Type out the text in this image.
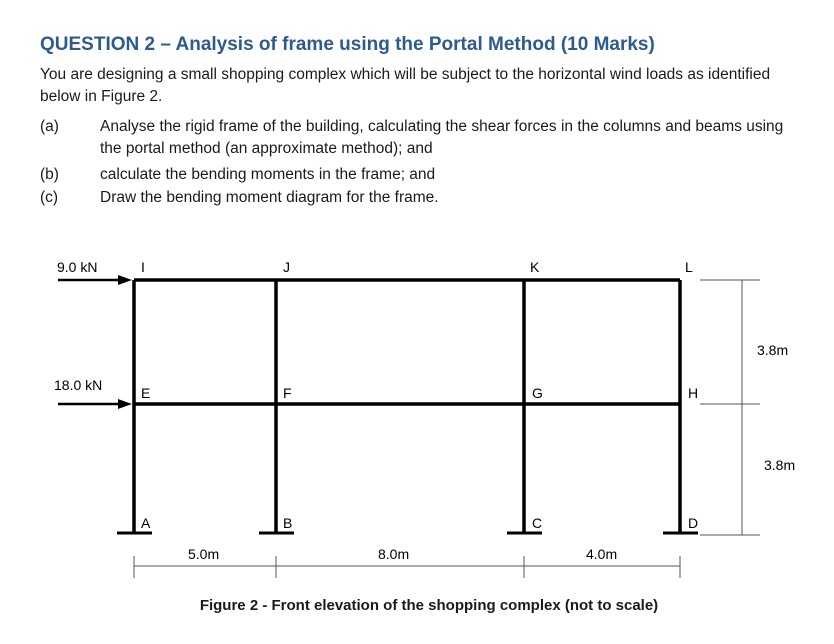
QUESTION 2 – Analysis of frame using the Portal Method (10 Marks)
You are designing a small shopping complex which will be subject to the horizontal wind loads as identified below in Figure 2.
(a)	Analyse the rigid frame of the building, calculating the shear forces in the columns and beams using the portal method (an approximate method); and
(b)	calculate the bending moments in the frame; and
(c)	Draw the bending moment diagram for the frame.
9.0 kN
18.0 kN
I	J	K	L
E	F	G	H
A	B	C	D
5.0m	8.0m	4.0m
3.8m
3.8m
Figure 2 - Front elevation of the shopping complex (not to scale)
